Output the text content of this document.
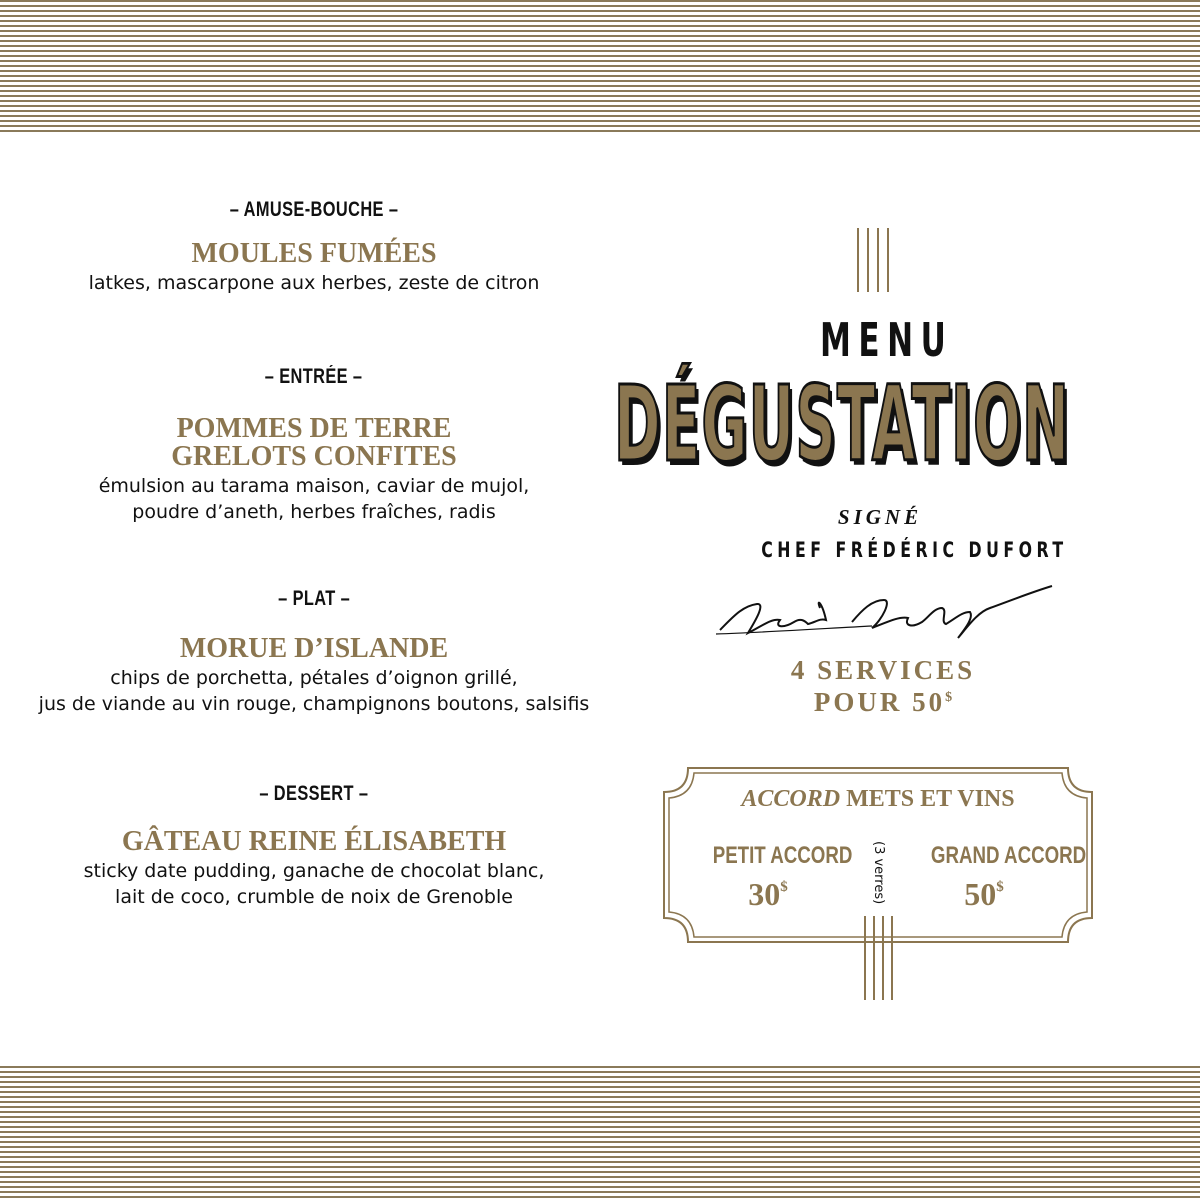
– AMUSE-BOUCHE –
MOULES FUMÉES
latkes, mascarpone aux herbes, zeste de citron
– ENTRÉE –
POMMES DE TERRE
GRELOTS CONFITES
émulsion au tarama maison, caviar de mujol,
poudre d’aneth, herbes fraîches, radis
– PLAT –
MORUE D’ISLANDE
chips de porchetta, pétales d’oignon grillé,
jus de viande au vin rouge, champignons boutons, salsifis
– DESSERT –
GÂTEAU REINE ÉLISABETH
sticky date pudding, ganache de chocolat blanc,
lait de coco, crumble de noix de Grenoble
MENU
DÉGUSTATION
SIGNÉ
CHEF FRÉDÉRIC DUFORT
4 SERVICES
POUR 50$
ACCORD METS ET VINS
PETIT ACCORD
30$	(3 verres)	GRAND ACCORD
50$
